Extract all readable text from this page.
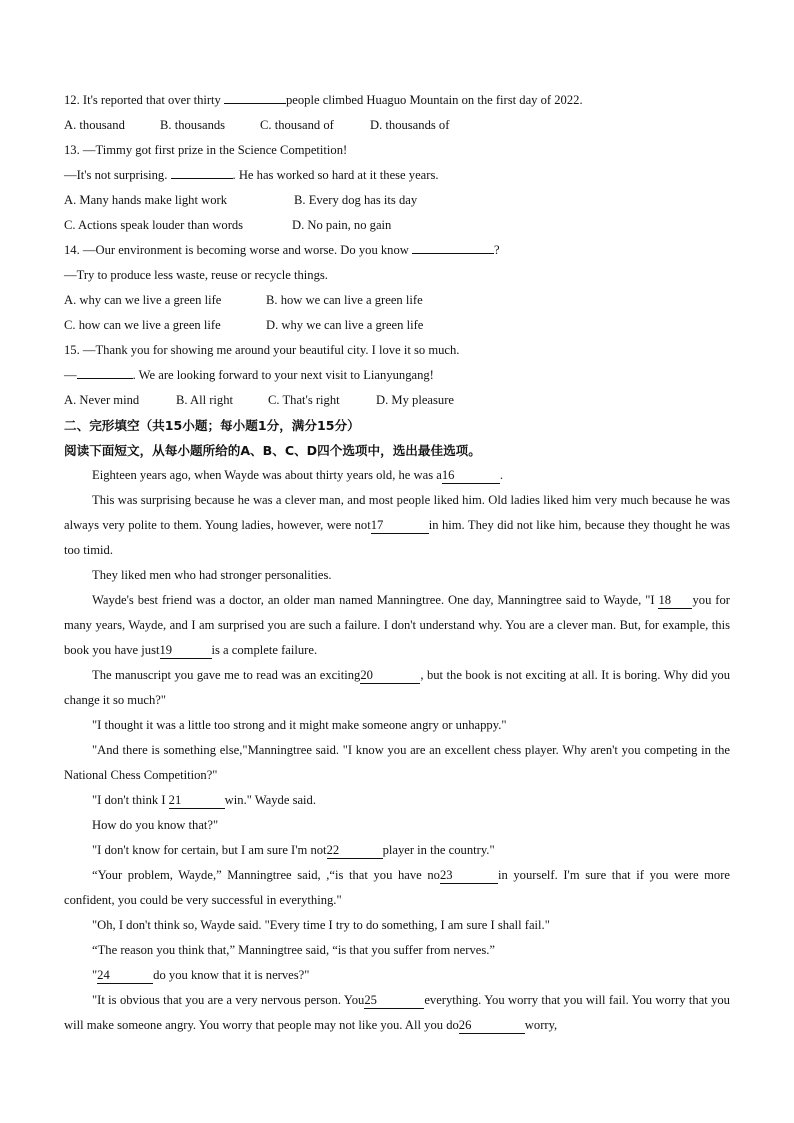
12. It's reported that over thirty	people climbed Huaguo Mountain on the first day of 2022.
A. thousand	B. thousands	C. thousand of	D. thousands of
13. —Timmy got first prize in the Science Competition!
—It's not surprising.	. He has worked so hard at it these years.
A. Many hands make light work	B. Every dog has its day
C. Actions speak louder than words	D. No pain, no gain
14. —Our environment is becoming worse and worse. Do you know	?
—Try to produce less waste, reuse or recycle things.
A. why can we live a green life	B. how we can live a green life
C. how can we live a green life	D. why we can live a green life
15. —Thank you for showing me around your beautiful city. I love it so much.
—	. We are looking forward to your next visit to Lianyungang!
A. Never mind	B. All right	C. That's right	D. My pleasure
二、完形填空（共15小题；每小题1分，满分15分）
阅读下面短文，从每小题所给的A、B、C、D四个选项中，选出最佳选项。
Eighteen years ago, when Wayde was about thirty years old, he was a16	.
This was surprising because he was a clever man, and most people liked him. Old ladies liked him very much because he was always very polite to them. Young ladies, however, were not17	in him. They did not like him, because they thought he was too timid.
They liked men who had stronger personalities.
Wayde's best friend was a doctor, an older man named Manningtree. One day, Manningtree said to Wayde, "I 18 you for many years, Wayde, and I am surprised you are such a failure. I don't understand why. You are a clever man. But, for example, this book you have just19	is a complete failure.
The manuscript you gave me to read was an exciting20	, but the book is not exciting at all. It is boring. Why did you change it so much?"
"I thought it was a little too strong and it might make someone angry or unhappy."
"And there is something else,"Manningtree said. "I know you are an excellent chess player. Why aren't you competing in the National Chess Competition?"
"I don't think I 21	win." Wayde said.
How do you know that?"
"I don't know for certain, but I am sure I'm not22	player in the country."
“Your problem, Wayde,” Manningtree said, ,“is that you have no23	in yourself. I'm sure that if you were more confident, you could be very successful in everything."
"Oh, I don't think so, Wayde said. "Every time I try to do something, I am sure I shall fail."
“The reason you think that,” Manningtree said, “is that you suffer from nerves.”
"24	do you know that it is nerves?"
"It is obvious that you are a very nervous person. You25	everything. You worry that you will fail. You worry that you will make someone angry. You worry that people may not like you. All you do26	worry,
